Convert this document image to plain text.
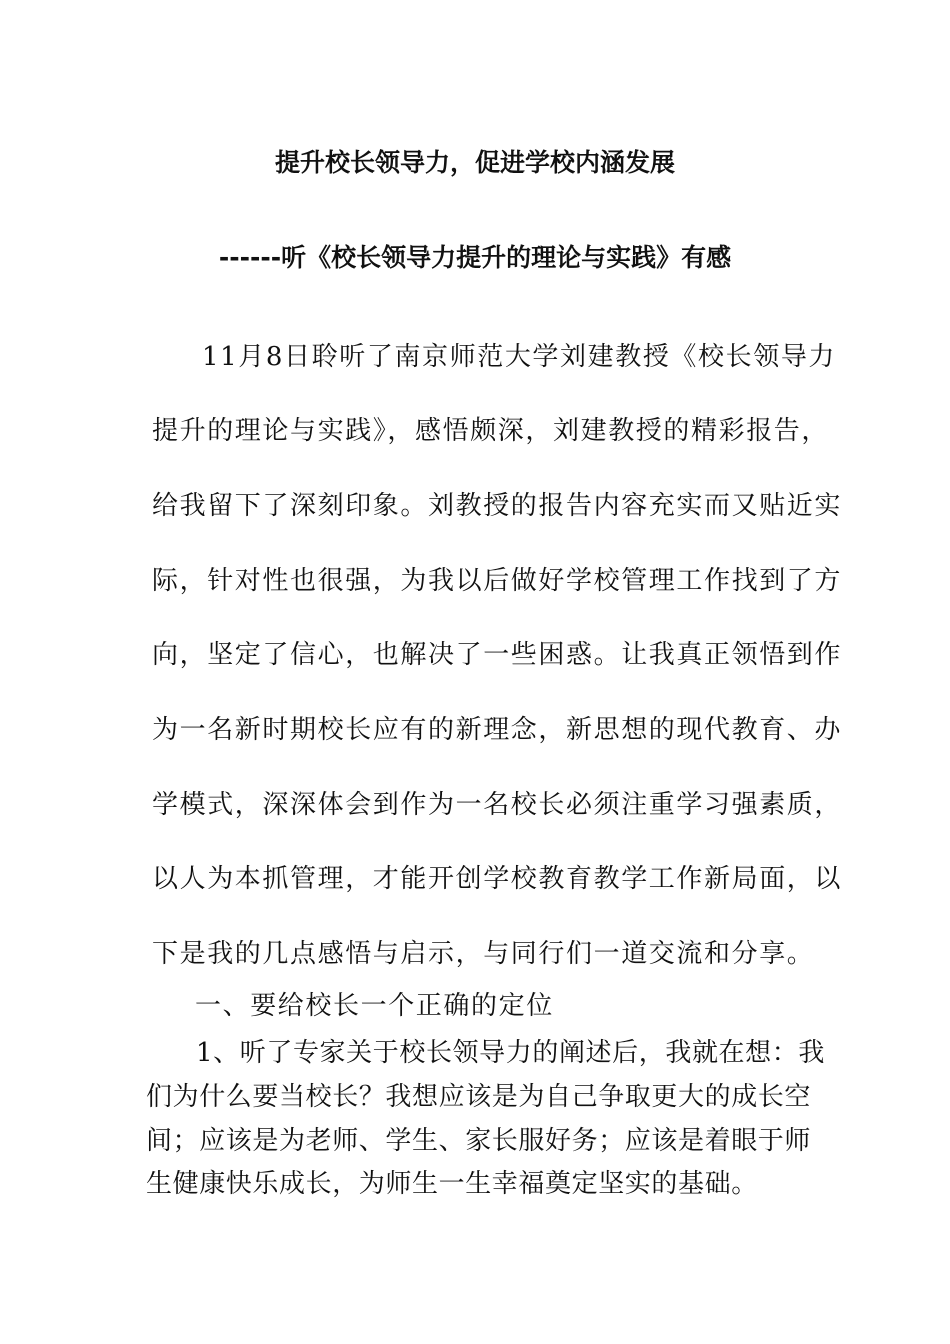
提升校长领导力，促进学校内涵发展
------听《校长领导力提升的理论与实践》有感

11月8日聆听了南京师范大学刘建教授《校长领导力

提升的理论与实践》，感悟颇深，刘建教授的精彩报告，

给我留下了深刻印象。刘教授的报告内容充实而又贴近实

际，针对性也很强，为我以后做好学校管理工作找到了方

向，坚定了信心，也解决了一些困惑。让我真正领悟到作

为一名新时期校长应有的新理念，新思想的现代教育、办

学模式，深深体会到作为一名校长必须注重学习强素质，

以人为本抓管理，才能开创学校教育教学工作新局面，以

下是我的几点感悟与启示，与同行们一道交流和分享。

一、要给校长一个正确的定位

1、听了专家关于校长领导力的阐述后，我就在想：我

们为什么要当校长？我想应该是为自己争取更大的成长空

间；应该是为老师、学生、家长服好务；应该是着眼于师

生健康快乐成长，为师生一生幸福奠定坚实的基础。
